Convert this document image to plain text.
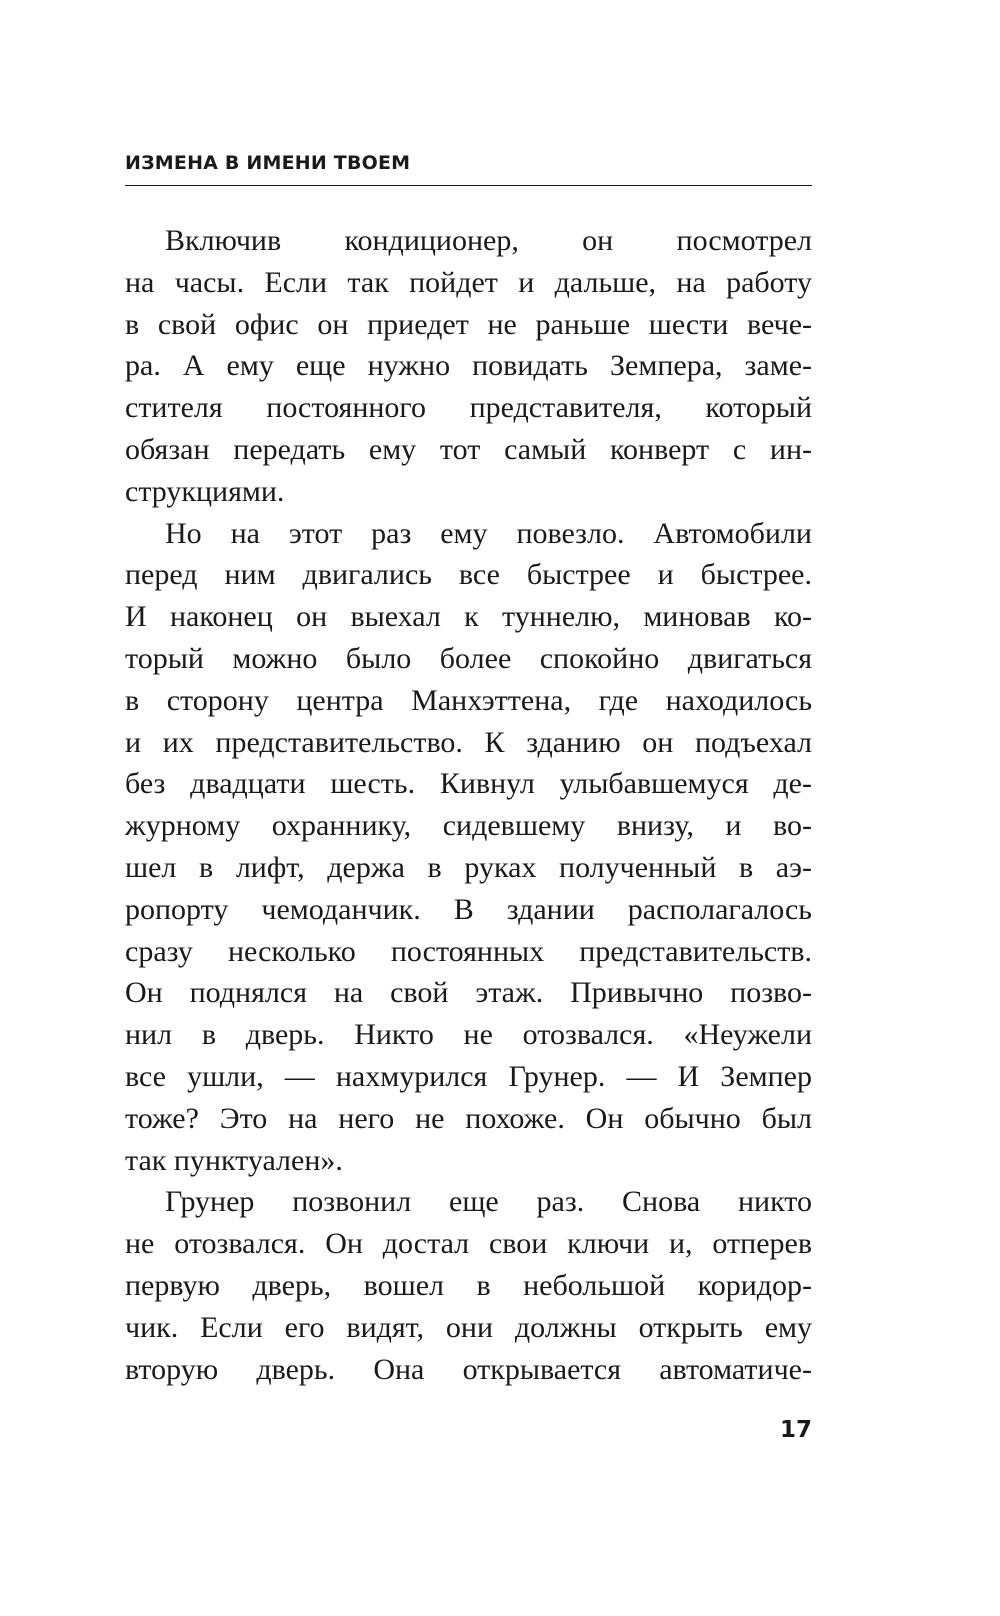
ИЗМЕНА В ИМЕНИ ТВОЕМ
Включив кондиционер, он посмотрел
на часы. Если так пойдет и дальше, на работу
в свой офис он приедет не раньше шести вече-
ра. А ему еще нужно повидать Земпера, заме-
стителя постоянного представителя, который
обязан передать ему тот самый конверт с ин-
струкциями.
Но на этот раз ему повезло. Автомобили
перед ним двигались все быстрее и быстрее.
И наконец он выехал к туннелю, миновав ко-
торый можно было более спокойно двигаться
в сторону центра Манхэттена, где находилось
и их представительство. К зданию он подъехал
без двадцати шесть. Кивнул улыбавшемуся де-
журному охраннику, сидевшему внизу, и во-
шел в лифт, держа в руках полученный в аэ-
ропорту чемоданчик. В здании располагалось
сразу несколько постоянных представительств.
Он поднялся на свой этаж. Привычно позво-
нил в дверь. Никто не отозвался. «Неужели
все ушли, — нахмурился Грунер. — И Земпер
тоже? Это на него не похоже. Он обычно был
так пунктуален».
Грунер позвонил еще раз. Снова никто
не отозвался. Он достал свои ключи и, отперев
первую дверь, вошел в небольшой коридор-
чик. Если его видят, они должны открыть ему
вторую дверь. Она открывается автоматиче-
17
